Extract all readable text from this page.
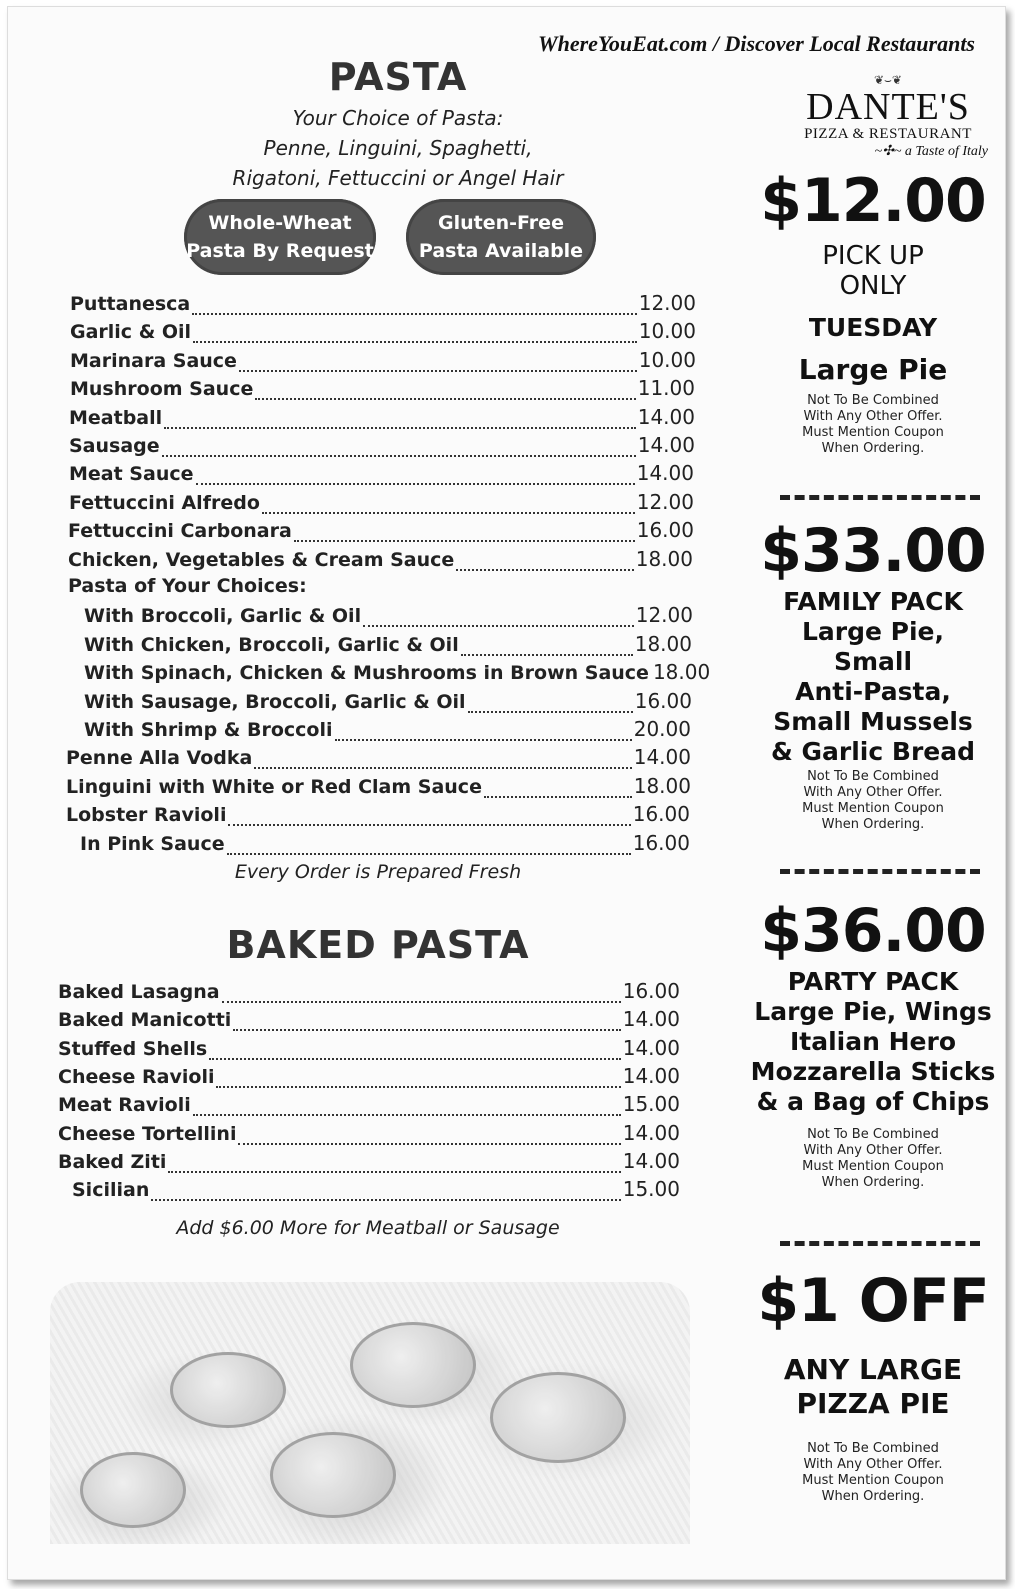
WhereYouEat.com / Discover Local Restaurants
PASTA
Your Choice of Pasta:
Penne, Linguini, Spaghetti,
Rigatoni, Fettuccini or Angel Hair
Whole-Wheat
Pasta By Request
Gluten-Free
Pasta Available
Puttanesca	12.00
Garlic & Oil	10.00
Marinara Sauce	10.00
Mushroom Sauce	11.00
Meatball	14.00
Sausage	14.00
Meat Sauce	14.00
Fettuccini Alfredo	12.00
Fettuccini Carbonara	16.00
Chicken, Vegetables & Cream Sauce	18.00
Pasta of Your Choices:
With Broccoli, Garlic & Oil	12.00
With Chicken, Broccoli, Garlic & Oil	18.00
With Spinach, Chicken & Mushrooms in Brown Sauce 18.00
With Sausage, Broccoli, Garlic & Oil	16.00
With Shrimp & Broccoli	20.00
Penne Alla Vodka	14.00
Linguini with White or Red Clam Sauce	18.00
Lobster Ravioli	16.00
In Pink Sauce	16.00
Every Order is Prepared Fresh
BAKED PASTA
Baked Lasagna	16.00
Baked Manicotti	14.00
Stuffed Shells	14.00
Cheese Ravioli	14.00
Meat Ravioli	15.00
Cheese Tortellini	14.00
Baked Ziti	14.00
Sicilian	15.00
Add $6.00 More for Meatball or Sausage
❦⌣❦
DANTE'S
PIZZA & RESTAURANT
~✣~ a Taste of Italy
$12.00
PICK UP
ONLY
TUESDAY
Large Pie
Not To Be Combined
With Any Other Offer.
Must Mention Coupon
When Ordering.
$33.00
FAMILY PACK
Large Pie,
Small
Anti-Pasta,
Small Mussels
& Garlic Bread
Not To Be Combined
With Any Other Offer.
Must Mention Coupon
When Ordering.
$36.00
PARTY PACK
Large Pie, Wings
Italian Hero
Mozzarella Sticks
& a Bag of Chips
Not To Be Combined
With Any Other Offer.
Must Mention Coupon
When Ordering.
$1 OFF
ANY LARGE
PIZZA PIE
Not To Be Combined
With Any Other Offer.
Must Mention Coupon
When Ordering.
